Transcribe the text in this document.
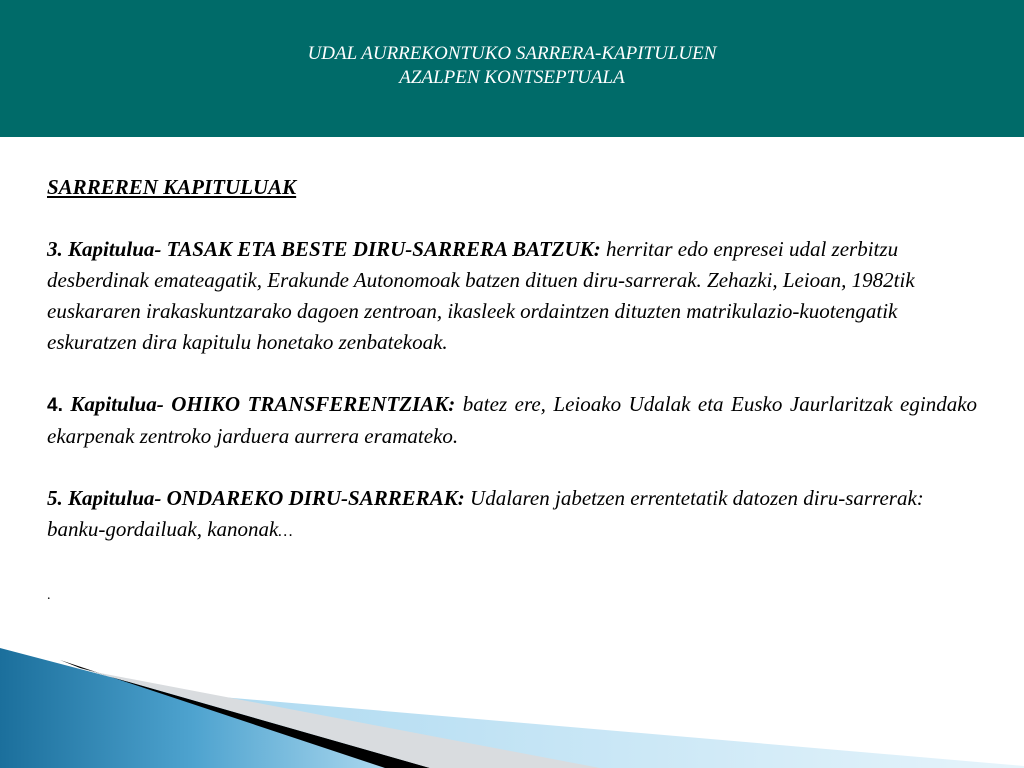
UDAL AURREKONTUKO SARRERA-KAPITULUEN
AZALPEN KONTSEPTUALA
SARREREN KAPITULUAK

3. Kapitulua- TASAK ETA BESTE DIRU-SARRERA BATZUK: herritar edo enpresei udal zerbitzu desberdinak emateagatik, Erakunde Autonomoak batzen dituen diru-sarrerak. Zehazki, Leioan, 1982tik euskararen irakaskuntzarako dagoen zentroan, ikasleek ordaintzen dituzten matrikulazio-kuotengatik eskuratzen dira kapitulu honetako zenbatekoak.

4. Kapitulua- OHIKO TRANSFERENTZIAK: batez ere, Leioako Udalak eta Eusko Jaurlaritzak egindako ekarpenak zentroko jarduera aurrera eramateko.

5. Kapitulua- ONDAREKO DIRU-SARRERAK: Udalaren jabetzen errentetatik datozen diru-sarrerak: banku-gordailuak, kanonak…

.
